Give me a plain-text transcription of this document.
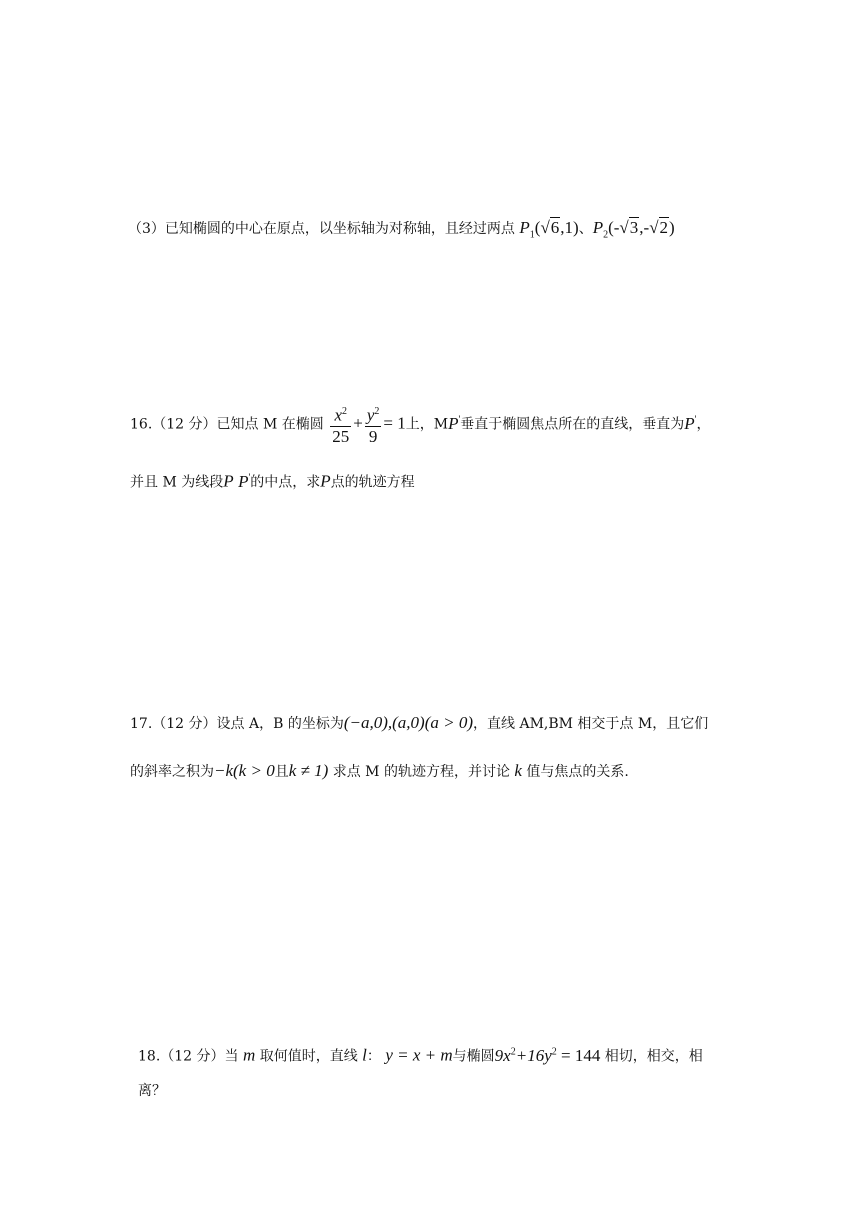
（3）已知椭圆的中心在原点，以坐标轴为对称轴，且经过两点 $P_1(√6,1)$、$P_2(-√3,-√2)$
16.（12 分）已知点 M 在椭圆 $\frac{x^2}{25} + \frac{y^2}{9} = 1$上，MP'垂直于椭圆焦点所在的直线，垂直为P'，
并且 M 为线段P P'的中点，求P点的轨迹方程
17.（12 分）设点 A，B 的坐标为(−a,0),(a,0)(a > 0)，直线 AM,BM 相交于点 M，且它们
的斜率之积为−k(k > 0且k ≠ 1) 求点 M 的轨迹方程，并讨论 k 值与焦点的关系.
18.（12 分）当 m 取何值时，直线 l： y = x + m与椭圆$9x^2+16y^2 = 144$ 相切，相交，相
离？
